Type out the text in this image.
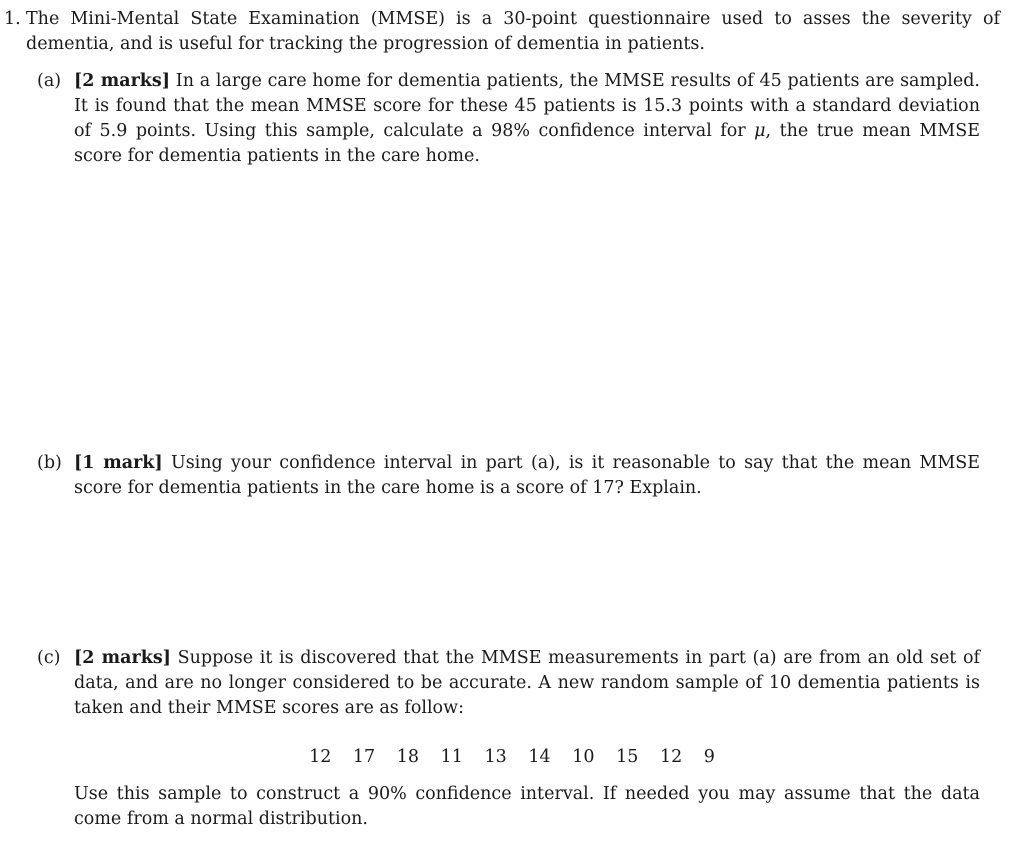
1. The Mini-Mental State Examination (MMSE) is a 30-point questionnaire used to asses the severity of dementia, and is useful for tracking the progression of dementia in patients.
(a) [2 marks] In a large care home for dementia patients, the MMSE results of 45 patients are sampled. It is found that the mean MMSE score for these 45 patients is 15.3 points with a standard deviation of 5.9 points. Using this sample, calculate a 98% confidence interval for μ, the true mean MMSE score for dementia patients in the care home.
(b) [1 mark] Using your confidence interval in part (a), is it reasonable to say that the mean MMSE score for dementia patients in the care home is a score of 17? Explain.
(c) [2 marks] Suppose it is discovered that the MMSE measurements in part (a) are from an old set of data, and are no longer considered to be accurate. A new random sample of 10 dementia patients is taken and their MMSE scores are as follow:
12 17 18 11 13 14 10 15 12 9
Use this sample to construct a 90% confidence interval. If needed you may assume that the data come from a normal distribution.
